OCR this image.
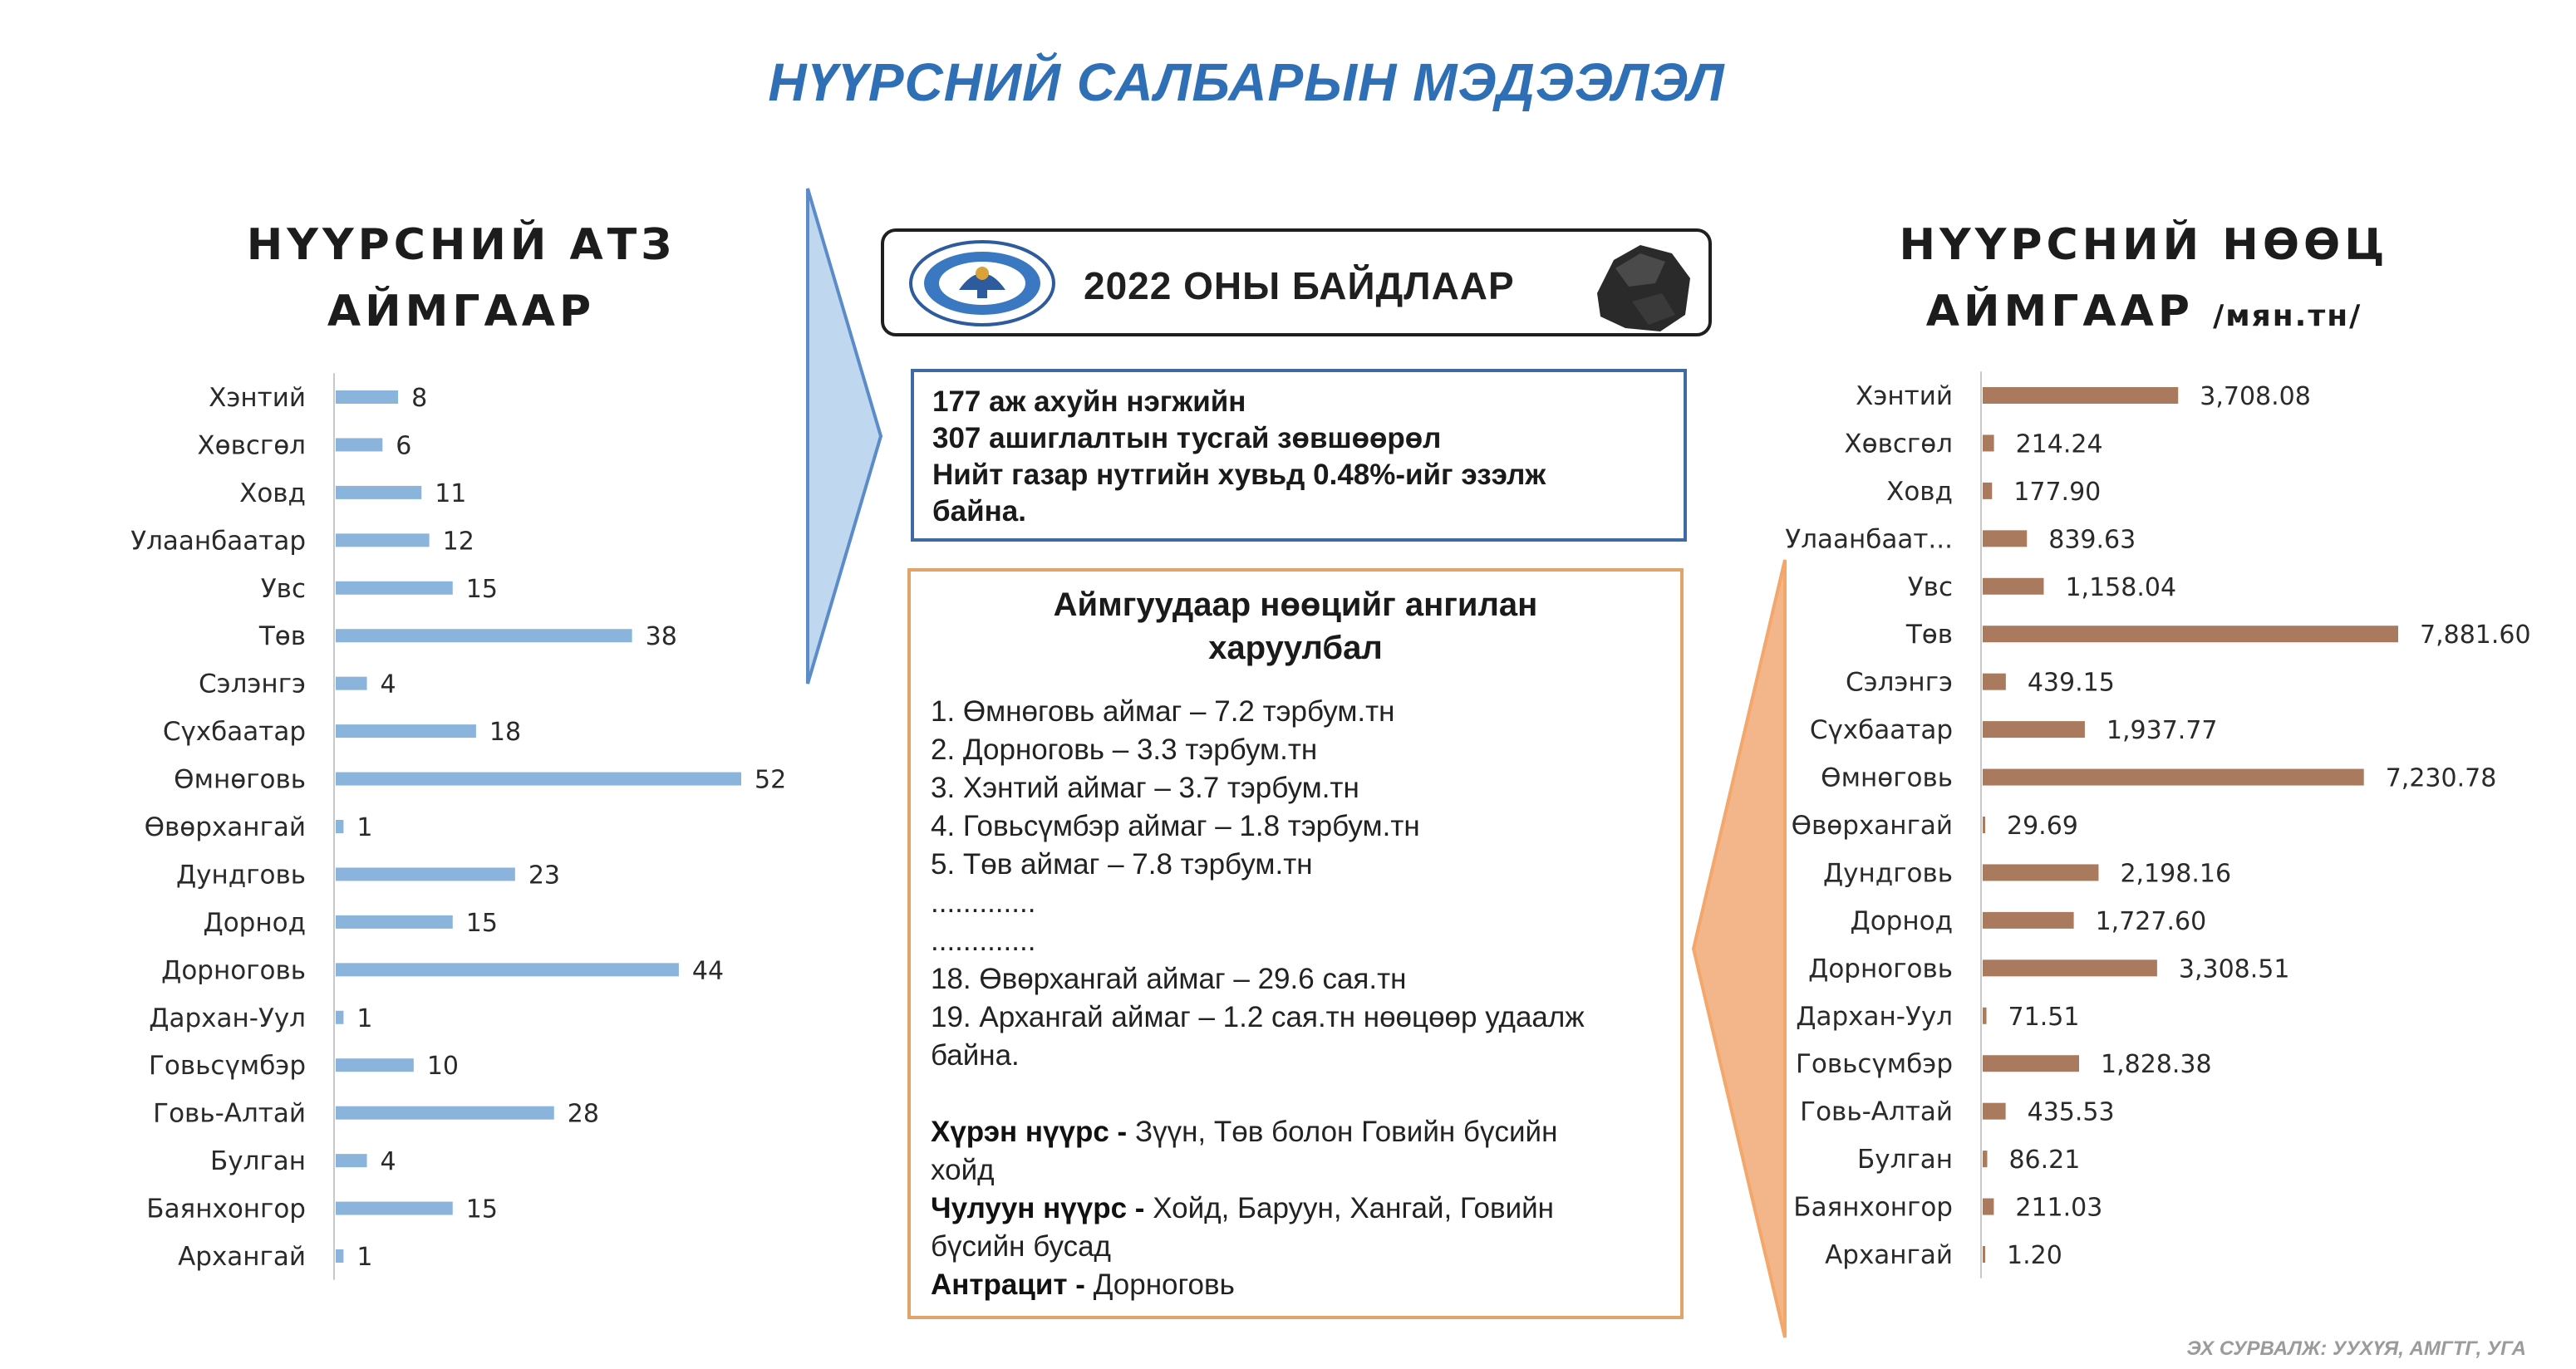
НҮҮРСНИЙ САЛБАРЫН МЭДЭЭЛЭЛ
НҮҮРСНИЙ АТЗ
АЙМГААР
Хэнтий	8
Хөвсгөл	6
Ховд	11
Улаанбаатар	12
Увс	15
Төв	38
Сэлэнгэ	4
Сүхбаатар	18
Өмнөговь	52
Өвөрхангай 1
Дундговь	23
Дорнод	15
Дорноговь	44
Дархан-Уул 1
Говьсүмбэр	10
Говь-Алтай	28
Булган	4
Баянхонгор	15
Архангай 1
2022 ОНЫ БАЙДЛААР
177 аж ахуйн нэгжийн
307 ашиглалтын тусгай зөвшөөрөл
Нийт газар нутгийн хувьд 0.48%-ийг эзэлж
байна.
Аймгуудаар нөөцийг ангилан
харуулбал
1. Өмнөговь аймаг – 7.2 тэрбум.тн
2. Дорноговь – 3.3 тэрбум.тн
3. Хэнтий аймаг – 3.7 тэрбум.тн
4. Говьсүмбэр аймаг – 1.8 тэрбум.тн
5. Төв аймаг – 7.8 тэрбум.тн
.............
.............
18. Өвөрхангай аймаг – 29.6 сая.тн
19. Архангай аймаг – 1.2 сая.тн нөөцөөр удаалж
байна.
Хүрэн нүүрс - Зүүн, Төв болон Говийн бүсийн
хойд
Чулуун нүүрс - Хойд, Баруун, Хангай, Говийн
бүсийн бусад
Антрацит - Дорноговь
НҮҮРСНИЙ НӨӨЦ
АЙМГААР /мян.тн/
Хэнтий	3,708.08
Хөвсгөл	214.24
Ховд 177.90
Улаанбаат...	839.63
Увс	1,158.04
Төв	7,881.60
Сэлэнгэ	439.15
Сүхбаатар	1,937.77
Өмнөговь	7,230.78
Өвөрхангай 29.69
Дундговь	2,198.16
Дорнод	1,727.60
Дорноговь	3,308.51
Дархан-Уул 71.51
Говьсүмбэр	1,828.38
Говь-Алтай	435.53
Булган 86.21
Баянхонгор	211.03
Архангай 1.20
ЭХ СУРВАЛЖ: УУХҮЯ, АМГТГ, УГА
